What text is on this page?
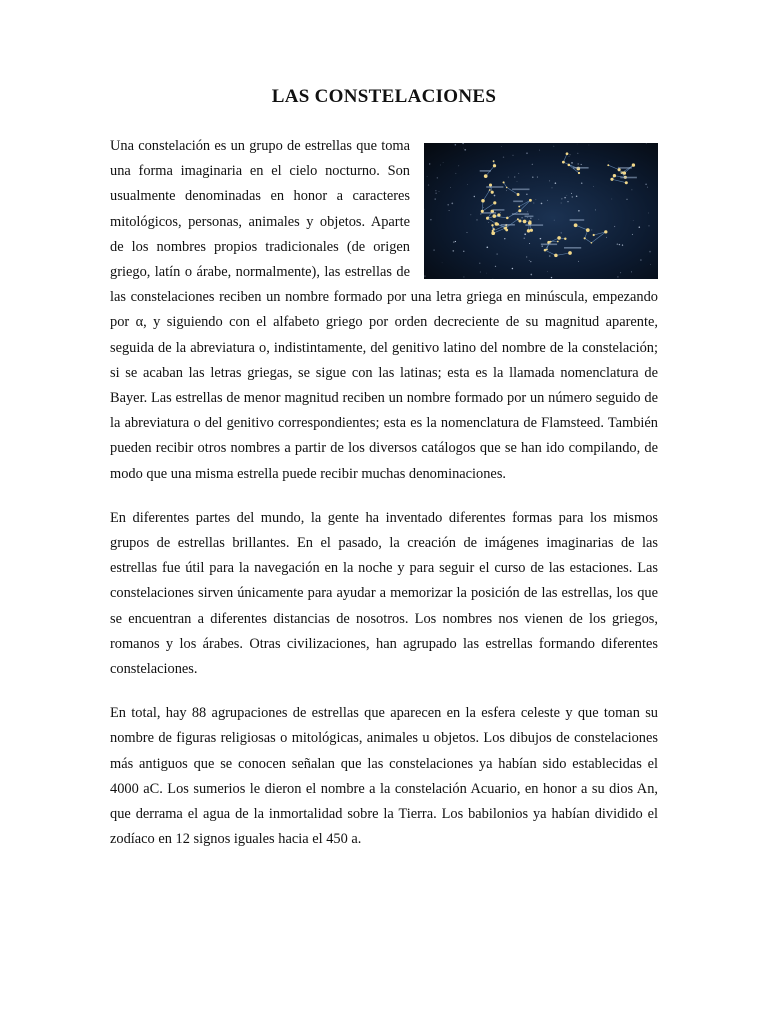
LAS CONSTELACIONES

Una constelación es un grupo de estrellas que toma una forma imaginaria en el cielo nocturno. Son usualmente denominadas en honor a caracteres mitológicos, personas, animales y objetos. Aparte de los nombres propios tradicionales (de origen griego, latín o árabe, normalmente), las estrellas de las constelaciones reciben un nombre formado por una letra griega en minúscula, empezando por α, y siguiendo con el alfabeto griego por orden decreciente de su magnitud aparente, seguida de la abreviatura o, indistintamente, del genitivo latino del nombre de la constelación; si se acaban las letras griegas, se sigue con las latinas; esta es la llamada nomenclatura de Bayer. Las estrellas de menor magnitud reciben un nombre formado por un número seguido de la abreviatura o del genitivo correspondientes; esta es la nomenclatura de Flamsteed. También pueden recibir otros nombres a partir de los diversos catálogos que se han ido compilando, de modo que una misma estrella puede recibir muchas denominaciones.

En diferentes partes del mundo, la gente ha inventado diferentes formas para los mismos grupos de estrellas brillantes. En el pasado, la creación de imágenes imaginarias de las estrellas fue útil para la navegación en la noche y para seguir el curso de las estaciones. Las constelaciones sirven únicamente para ayudar a memorizar la posición de las estrellas, los que se encuentran a diferentes distancias de nosotros. Los nombres nos vienen de los griegos, romanos y los árabes. Otras civilizaciones, han agrupado las estrellas formando diferentes constelaciones.

En total, hay 88 agrupaciones de estrellas que aparecen en la esfera celeste y que toman su nombre de figuras religiosas o mitológicas, animales u objetos. Los dibujos de constelaciones más antiguos que se conocen señalan que las constelaciones ya habían sido establecidas el 4000 aC. Los sumerios le dieron el nombre a la constelación Acuario, en honor a su dios An, que derrama el agua de la inmortalidad sobre la Tierra. Los babilonios ya habían dividido el zodíaco en 12 signos iguales hacia el 450 a.
